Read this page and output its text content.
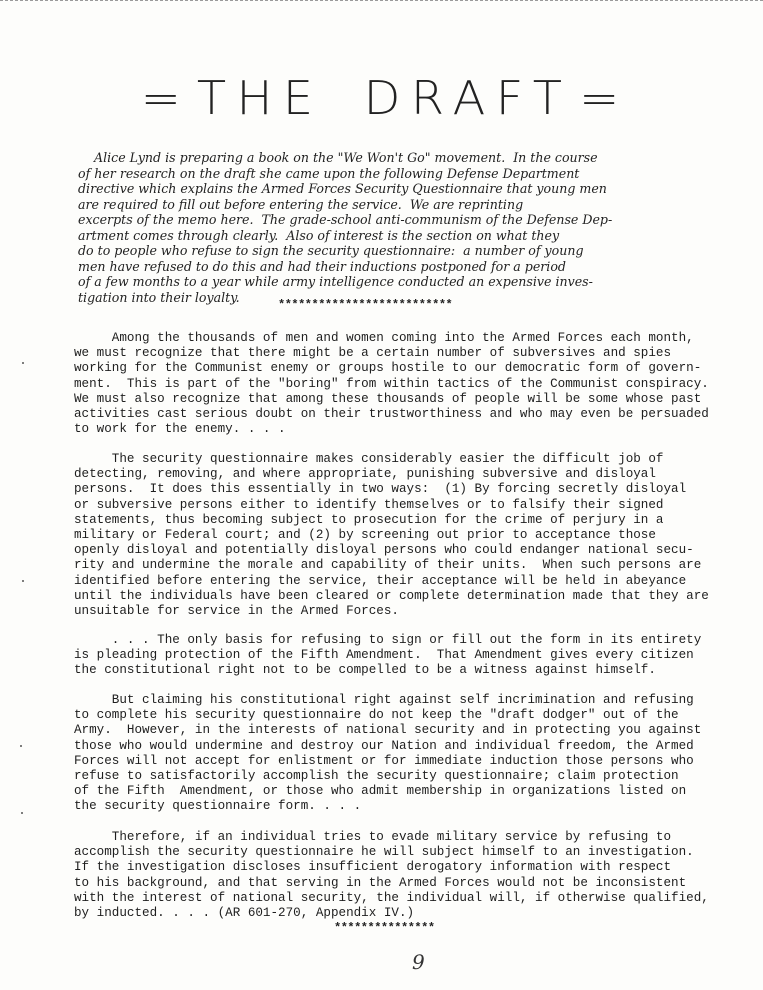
= THE DRAFT =
Alice Lynd is preparing a book on the "We Won't Go" movement.  In the course
of her research on the draft she came upon the following Defense Department
directive which explains the Armed Forces Security Questionnaire that young men
are required to fill out before entering the service.  We are reprinting
excerpts of the memo here.  The grade-school anti-communism of the Defense Dep-
artment comes through clearly.  Also of interest is the section on what they
do to people who refuse to sign the security questionnaire:  a number of young
men have refused to do this and had their inductions postponed for a period
of a few months to a year while army intelligence conducted an expensive inves-
tigation into their loyalty.
**************************
Among the thousands of men and women coming into the Armed Forces each month,
we must recognize that there might be a certain number of subversives and spies
working for the Communist enemy or groups hostile to our democratic form of govern-
ment.  This is part of the "boring" from within tactics of the Communist conspiracy.
We must also recognize that among these thousands of people will be some whose past
activities cast serious doubt on their trustworthiness and who may even be persuaded
to work for the enemy. . . .
The security questionnaire makes considerably easier the difficult job of
detecting, removing, and where appropriate, punishing subversive and disloyal
persons.  It does this essentially in two ways:  (1) By forcing secretly disloyal
or subversive persons either to identify themselves or to falsify their signed
statements, thus becoming subject to prosecution for the crime of perjury in a
military or Federal court; and (2) by screening out prior to acceptance those
openly disloyal and potentially disloyal persons who could endanger national secu-
rity and undermine the morale and capability of their units.  When such persons are
identified before entering the service, their acceptance will be held in abeyance
until the individuals have been cleared or complete determination made that they are
unsuitable for service in the Armed Forces.
. . . The only basis for refusing to sign or fill out the form in its entirety
is pleading protection of the Fifth Amendment.  That Amendment gives every citizen
the constitutional right not to be compelled to be a witness against himself.
But claiming his constitutional right against self incrimination and refusing
to complete his security questionnaire do not keep the "draft dodger" out of the
Army.  However, in the interests of national security and in protecting you against
those who would undermine and destroy our Nation and individual freedom, the Armed
Forces will not accept for enlistment or for immediate induction those persons who
refuse to satisfactorily accomplish the security questionnaire; claim protection
of the Fifth  Amendment, or those who admit membership in organizations listed on
the security questionnaire form. . . .
Therefore, if an individual tries to evade military service by refusing to
accomplish the security questionnaire he will subject himself to an investigation.
If the investigation discloses insufficient derogatory information with respect
to his background, and that serving in the Armed Forces would not be inconsistent
with the interest of national security, the individual will, if otherwise qualified,
by inducted. . . . (AR 601-270, Appendix IV.)
***************
9
